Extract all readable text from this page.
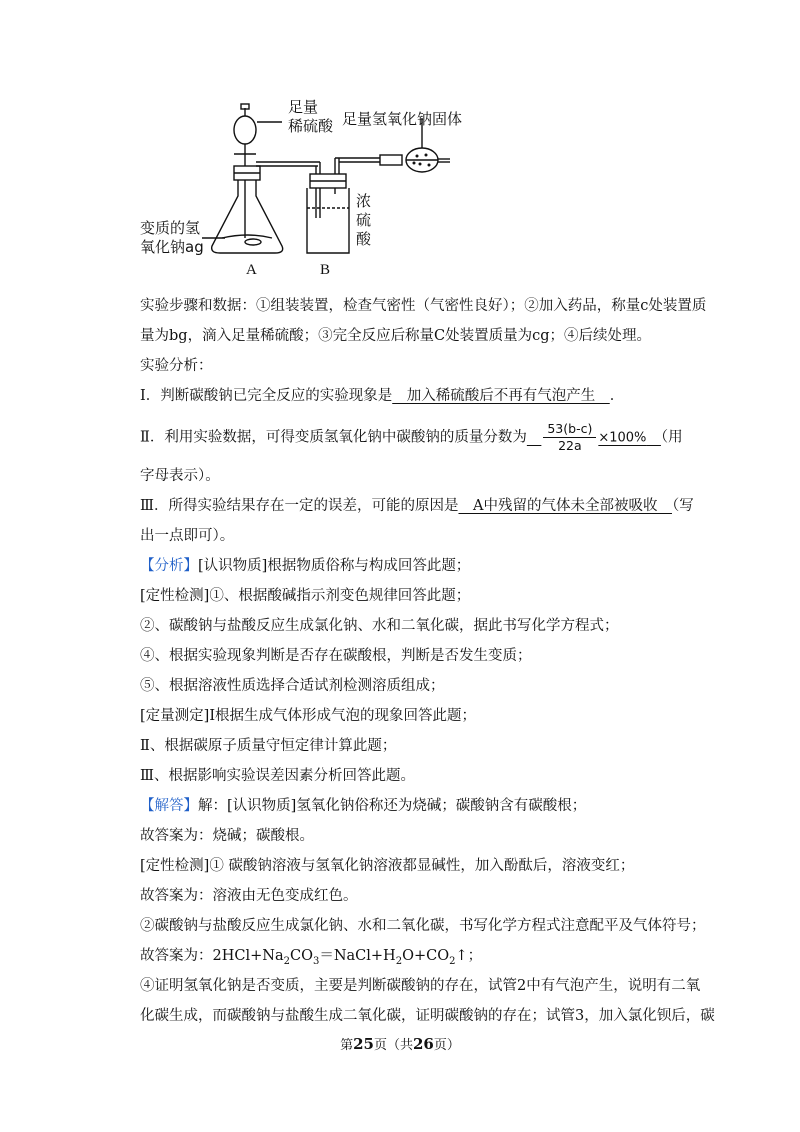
足量
稀硫酸 足量氢氧化钠固体
变质的氢
氧化钠ag
浓
硫
酸
A	B
实验步骤和数据：①组装装置，检查气密性（气密性良好）；②加入药品，称量c处装置质
量为bg，滴入足量稀硫酸；③完全反应后称量C处装置质量为cg；④后续处理。
实验分析：
Ⅰ．判断碳酸钠已完全反应的实验现象是　加入稀硫酸后不再有气泡产生　．
Ⅱ．利用实验数据，可得变质氢氧化钠中碳酸钠的质量分数为　 $\frac{53(b-c)}{22a} \times 100\%$　 （用
字母表示）。
Ⅲ．所得实验结果存在一定的误差，可能的原因是　A中残留的气体未全部被吸收　（写
出一点即可）。
【分析】[认识物质]根据物质俗称与构成回答此题；
[定性检测]①、根据酸碱指示剂变色规律回答此题；
②、碳酸钠与盐酸反应生成氯化钠、水和二氧化碳，据此书写化学方程式；
④、根据实验现象判断是否存在碳酸根，判断是否发生变质；
⑤、根据溶液性质选择合适试剂检测溶质组成；
[定量测定]Ⅰ根据生成气体形成气泡的现象回答此题；
Ⅱ、根据碳原子质量守恒定律计算此题；
Ⅲ、根据影响实验误差因素分析回答此题。
【解答】解：[认识物质]氢氧化钠俗称还为烧碱；碳酸钠含有碳酸根；
故答案为：烧碱；碳酸根。
[定性检测]① 碳酸钠溶液与氢氧化钠溶液都显碱性，加入酚酞后，溶液变红；
故答案为：溶液由无色变成红色。
②碳酸钠与盐酸反应生成氯化钠、水和二氧化碳，书写化学方程式注意配平及气体符号；
故答案为：$2HCl+Na_2CO_3=NaCl+H_2O+CO_2↑$；
④证明氢氧化钠是否变质，主要是判断碳酸钠的存在，试管2中有气泡产生，说明有二氧
化碳生成，而碳酸钠与盐酸生成二氧化碳，证明碳酸钠的存在；试管3，加入氯化钡后，碳
第25页（共26页）
